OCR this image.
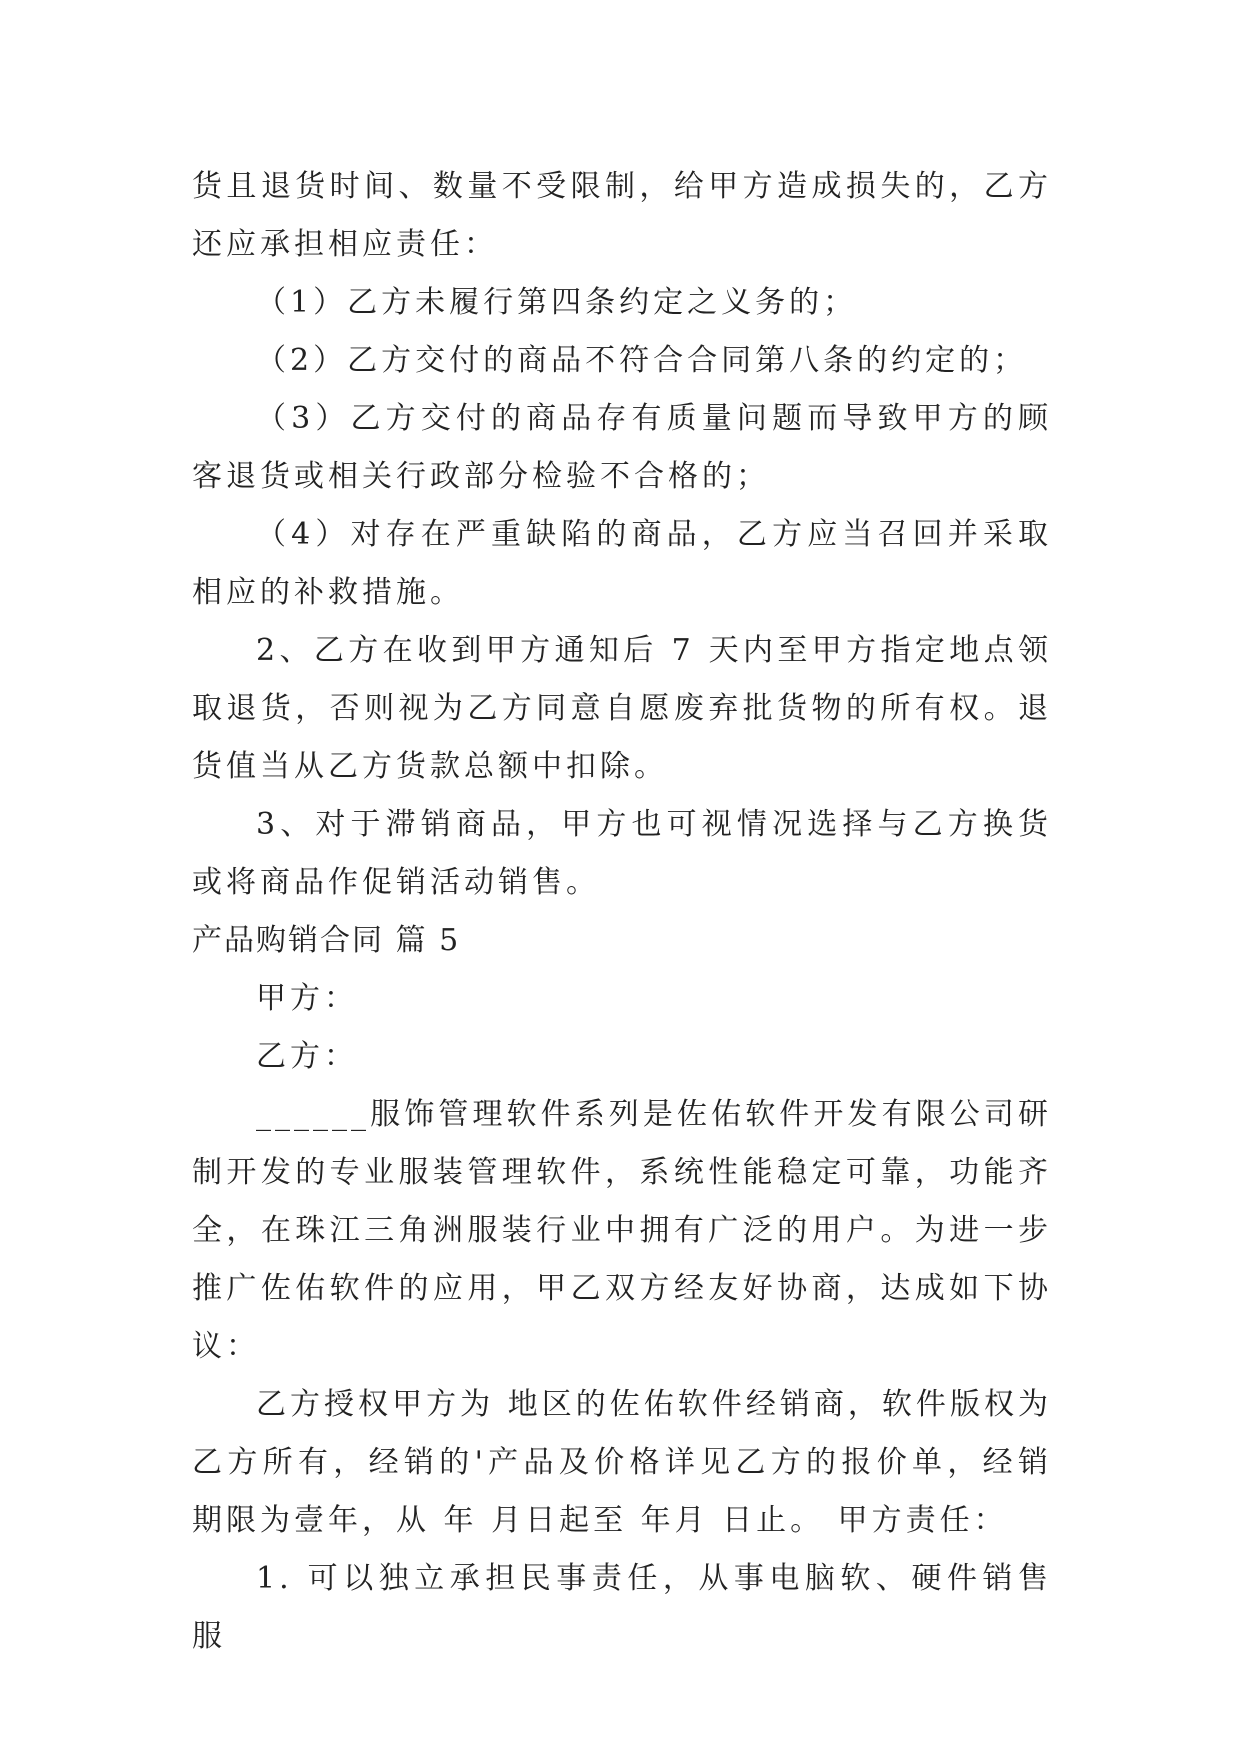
货且退货时间、数量不受限制，给甲方造成损失的，乙方还应承担相应责任：

（1）乙方未履行第四条约定之义务的；

（2）乙方交付的商品不符合合同第八条的约定的；

（3）乙方交付的商品存有质量问题而导致甲方的顾客退货或相关行政部分检验不合格的；

（4）对存在严重缺陷的商品，乙方应当召回并采取相应的补救措施。

2、乙方在收到甲方通知后 7 天内至甲方指定地点领取退货，否则视为乙方同意自愿废弃批货物的所有权。退货值当从乙方货款总额中扣除。

3、对于滞销商品，甲方也可视情况选择与乙方换货或将商品作促销活动销售。

产品购销合同 篇 5

甲方：

乙方：

______服饰管理软件系列是佐佑软件开发有限公司研制开发的专业服装管理软件，系统性能稳定可靠，功能齐全，在珠江三角洲服装行业中拥有广泛的用户。为进一步推广佐佑软件的应用，甲乙双方经友好协商，达成如下协议：

乙方授权甲方为 地区的佐佑软件经销商，软件版权为乙方所有，经销的'产品及价格详见乙方的报价单，经销期限为壹年，从 年 月日起至 年月 日止。 甲方责任：

1. 可以独立承担民事责任，从事电脑软、硬件销售服
